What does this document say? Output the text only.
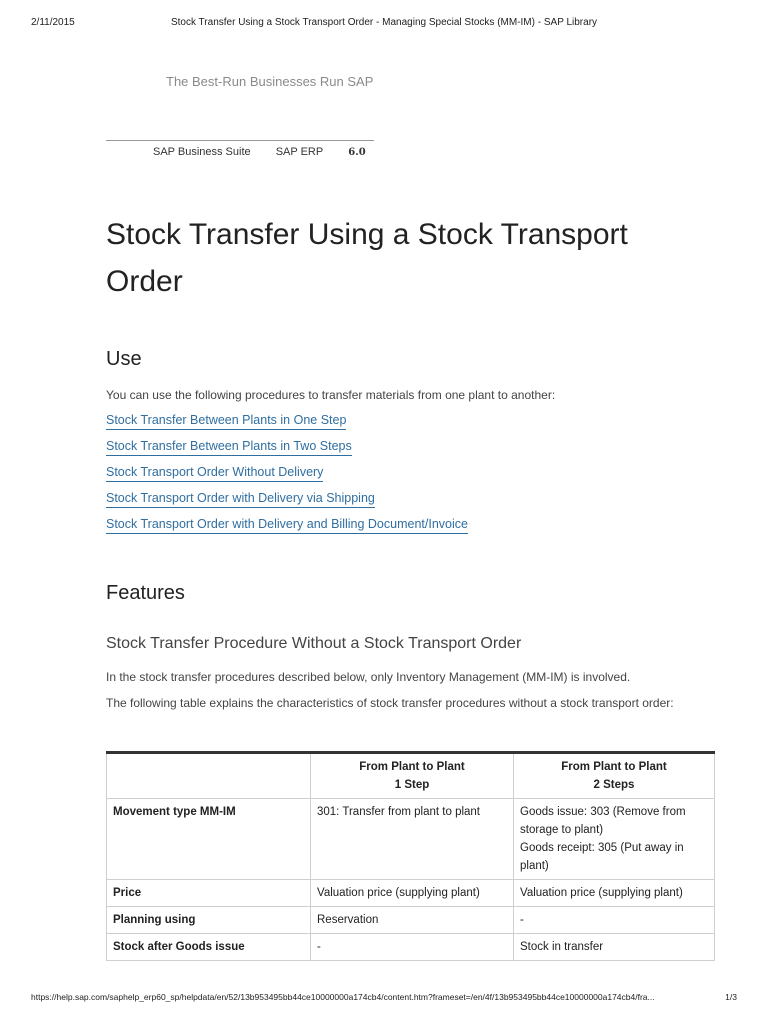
2/11/2015	Stock Transfer Using a Stock Transport Order - Managing Special Stocks (MM-IM) - SAP Library
The Best-Run Businesses Run SAP
SAP Business Suite SAP ERP	6.0
Stock Transfer Using a Stock Transport Order
Use

You can use the following procedures to transfer materials from one plant to another:

Stock Transfer Between Plants in One Step
Stock Transfer Between Plants in Two Steps
Stock Transport Order Without Delivery
Stock Transport Order with Delivery via Shipping
Stock Transport Order with Delivery and Billing Document/Invoice
Features
Stock Transfer Procedure Without a Stock Transport Order

In the stock transfer procedures described below, only Inventory Management (MM-IM) is involved.

The following table explains the characteristics of stock transfer procedures without a stock transport order:

	From Plant to Plant
1 Step	From Plant to Plant
2 Steps

Movement type MM-IM	301: Transfer from plant to plant	Goods issue: 303 (Remove from storage to plant)
Goods receipt: 305 (Put away in plant)

Price	Valuation price (supplying plant)	Valuation price (supplying plant)

Planning using	Reservation	-

Stock after Goods issue	-	Stock in transfer
https://help.sap.com/saphelp_erp60_sp/helpdata/en/52/13b953495bb44ce10000000a174cb4/content.htm?frameset=/en/4f/13b953495bb44ce10000000a174cb4/fra...	1/3
